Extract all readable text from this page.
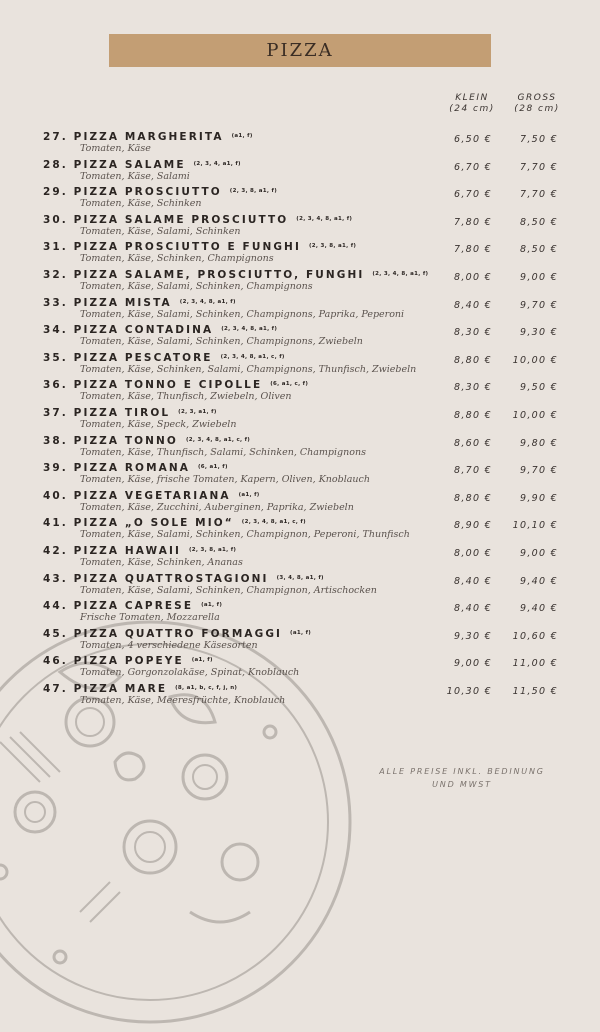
PIZZA
KLEIN
(24 cm)
GROSS
(28 cm)
27. PIZZA MARGHERITA $^{(a1, f)}$
Tomaten, Käse
6,50 €	7,50 €
28. PIZZA SALAME $^{(2, 3, 4, a1, f)}$
Tomaten, Käse, Salami
6,70 €	7,70 €
29. PIZZA PROSCIUTTO $^{(2, 3, 8, a1, f)}$
Tomaten, Käse, Schinken
6,70 €	7,70 €
30. PIZZA SALAME PROSCIUTTO $^{(2, 3, 4, 8, a1, f)}$
Tomaten, Käse, Salami, Schinken
7,80 €	8,50 €
31. PIZZA PROSCIUTTO E FUNGHI $^{(2, 3, 8, a1, f)}$
Tomaten, Käse, Schinken, Champignons
7,80 €	8,50 €
32. PIZZA SALAME, PROSCIUTTO, FUNGHI $^{(2, 3, 4, 8, a1, f)}$
Tomaten, Käse, Salami, Schinken, Champignons
8,00 €	9,00 €
33. PIZZA MISTA $^{(2, 3, 4, 8, a1, f)}$
Tomaten, Käse, Salami, Schinken, Champignons, Paprika, Peperoni
8,40 €	9,70 €
34. PIZZA CONTADINA $^{(2, 3, 4, 8, a1, f)}$
Tomaten, Käse, Salami, Schinken, Champignons, Zwiebeln
8,30 €	9,30 €
35. PIZZA PESCATORE $^{(2, 3, 4, 8, a1, c, f)}$
Tomaten, Käse, Schinken, Salami, Champignons, Thunfisch, Zwiebeln
8,80 €	10,00 €
36. PIZZA TONNO E CIPOLLE $^{(6, a1, c, f)}$
Tomaten, Käse, Thunfisch, Zwiebeln, Oliven
8,30 €	9,50 €
37. PIZZA TIROL $^{(2, 3, a1, f)}$
Tomaten, Käse, Speck, Zwiebeln
8,80 €	10,00 €
38. PIZZA TONNO $^{(2, 3, 4, 8, a1, c, f)}$
Tomaten, Käse, Thunfisch, Salami, Schinken, Champignons
8,60 €	9,80 €
39. PIZZA ROMANA $^{(6, a1, f)}$
Tomaten, Käse, frische Tomaten, Kapern, Oliven, Knoblauch
8,70 €	9,70 €
40. PIZZA VEGETARIANA $^{(a1, f)}$
Tomaten, Käse, Zucchini, Auberginen, Paprika, Zwiebeln
8,80 €	9,90 €
41. PIZZA „O SOLE MIO“ $^{(2, 3, 4, 8, a1, c, f)}$
Tomaten, Käse, Salami, Schinken, Champignon, Peperoni, Thunfisch
8,90 €	10,10 €
42. PIZZA HAWAII $^{(2, 3, 8, a1, f)}$
Tomaten, Käse, Schinken, Ananas
8,00 €	9,00 €
43. PIZZA QUATTROSTAGIONI $^{(3, 4, 8, a1, f)}$
Tomaten, Käse, Salami, Schinken, Champignon, Artischocken
8,40 €	9,40 €
44. PIZZA CAPRESE $^{(a1, f)}$
Frische Tomaten, Mozzarella
8,40 €	9,40 €
45. PIZZA QUATTRO FORMAGGI $^{(a1, f)}$
Tomaten, 4 verschiedene Käsesorten
9,30 €	10,60 €
46. PIZZA POPEYE $^{(a1, f)}$
Tomaten, Gorgonzolakäse, Spinat, Knoblauch
9,00 €	11,00 €
47. PIZZA MARE $^{(8, a1, b, c, f, j, n)}$
Tomaten, Käse, Meeresfrüchte, Knoblauch
10,30 €	11,50 €
ALLE PREISE INKL. BEDINUNG
UND MWST
